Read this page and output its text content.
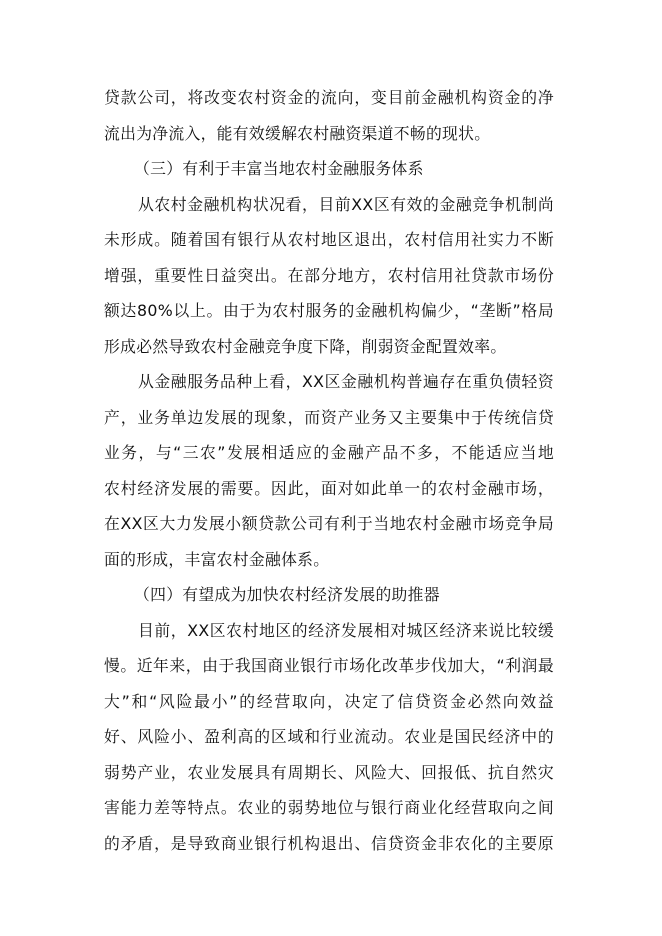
贷款公司，将改变农村资金的流向，变目前金融机构资金的净
流出为净流入，能有效缓解农村融资渠道不畅的现状。
（三）有利于丰富当地农村金融服务体系
从农村金融机构状况看，目前XX区有效的金融竞争机制尚
未形成。随着国有银行从农村地区退出，农村信用社实力不断
增强，重要性日益突出。在部分地方，农村信用社贷款市场份
额达80%以上。由于为农村服务的金融机构偏少，“垄断”格局
形成必然导致农村金融竞争度下降，削弱资金配置效率。
从金融服务品种上看，XX区金融机构普遍存在重负债轻资
产，业务单边发展的现象，而资产业务又主要集中于传统信贷
业务，与“三农”发展相适应的金融产品不多，不能适应当地
农村经济发展的需要。因此，面对如此单一的农村金融市场，
在XX区大力发展小额贷款公司有利于当地农村金融市场竞争局
面的形成，丰富农村金融体系。
（四）有望成为加快农村经济发展的助推器
目前，XX区农村地区的经济发展相对城区经济来说比较缓
慢。近年来，由于我国商业银行市场化改革步伐加大，“利润最
大”和“风险最小”的经营取向，决定了信贷资金必然向效益
好、风险小、盈利高的区域和行业流动。农业是国民经济中的
弱势产业，农业发展具有周期长、风险大、回报低、抗自然灾
害能力差等特点。农业的弱势地位与银行商业化经营取向之间
的矛盾，是导致商业银行机构退出、信贷资金非农化的主要原
